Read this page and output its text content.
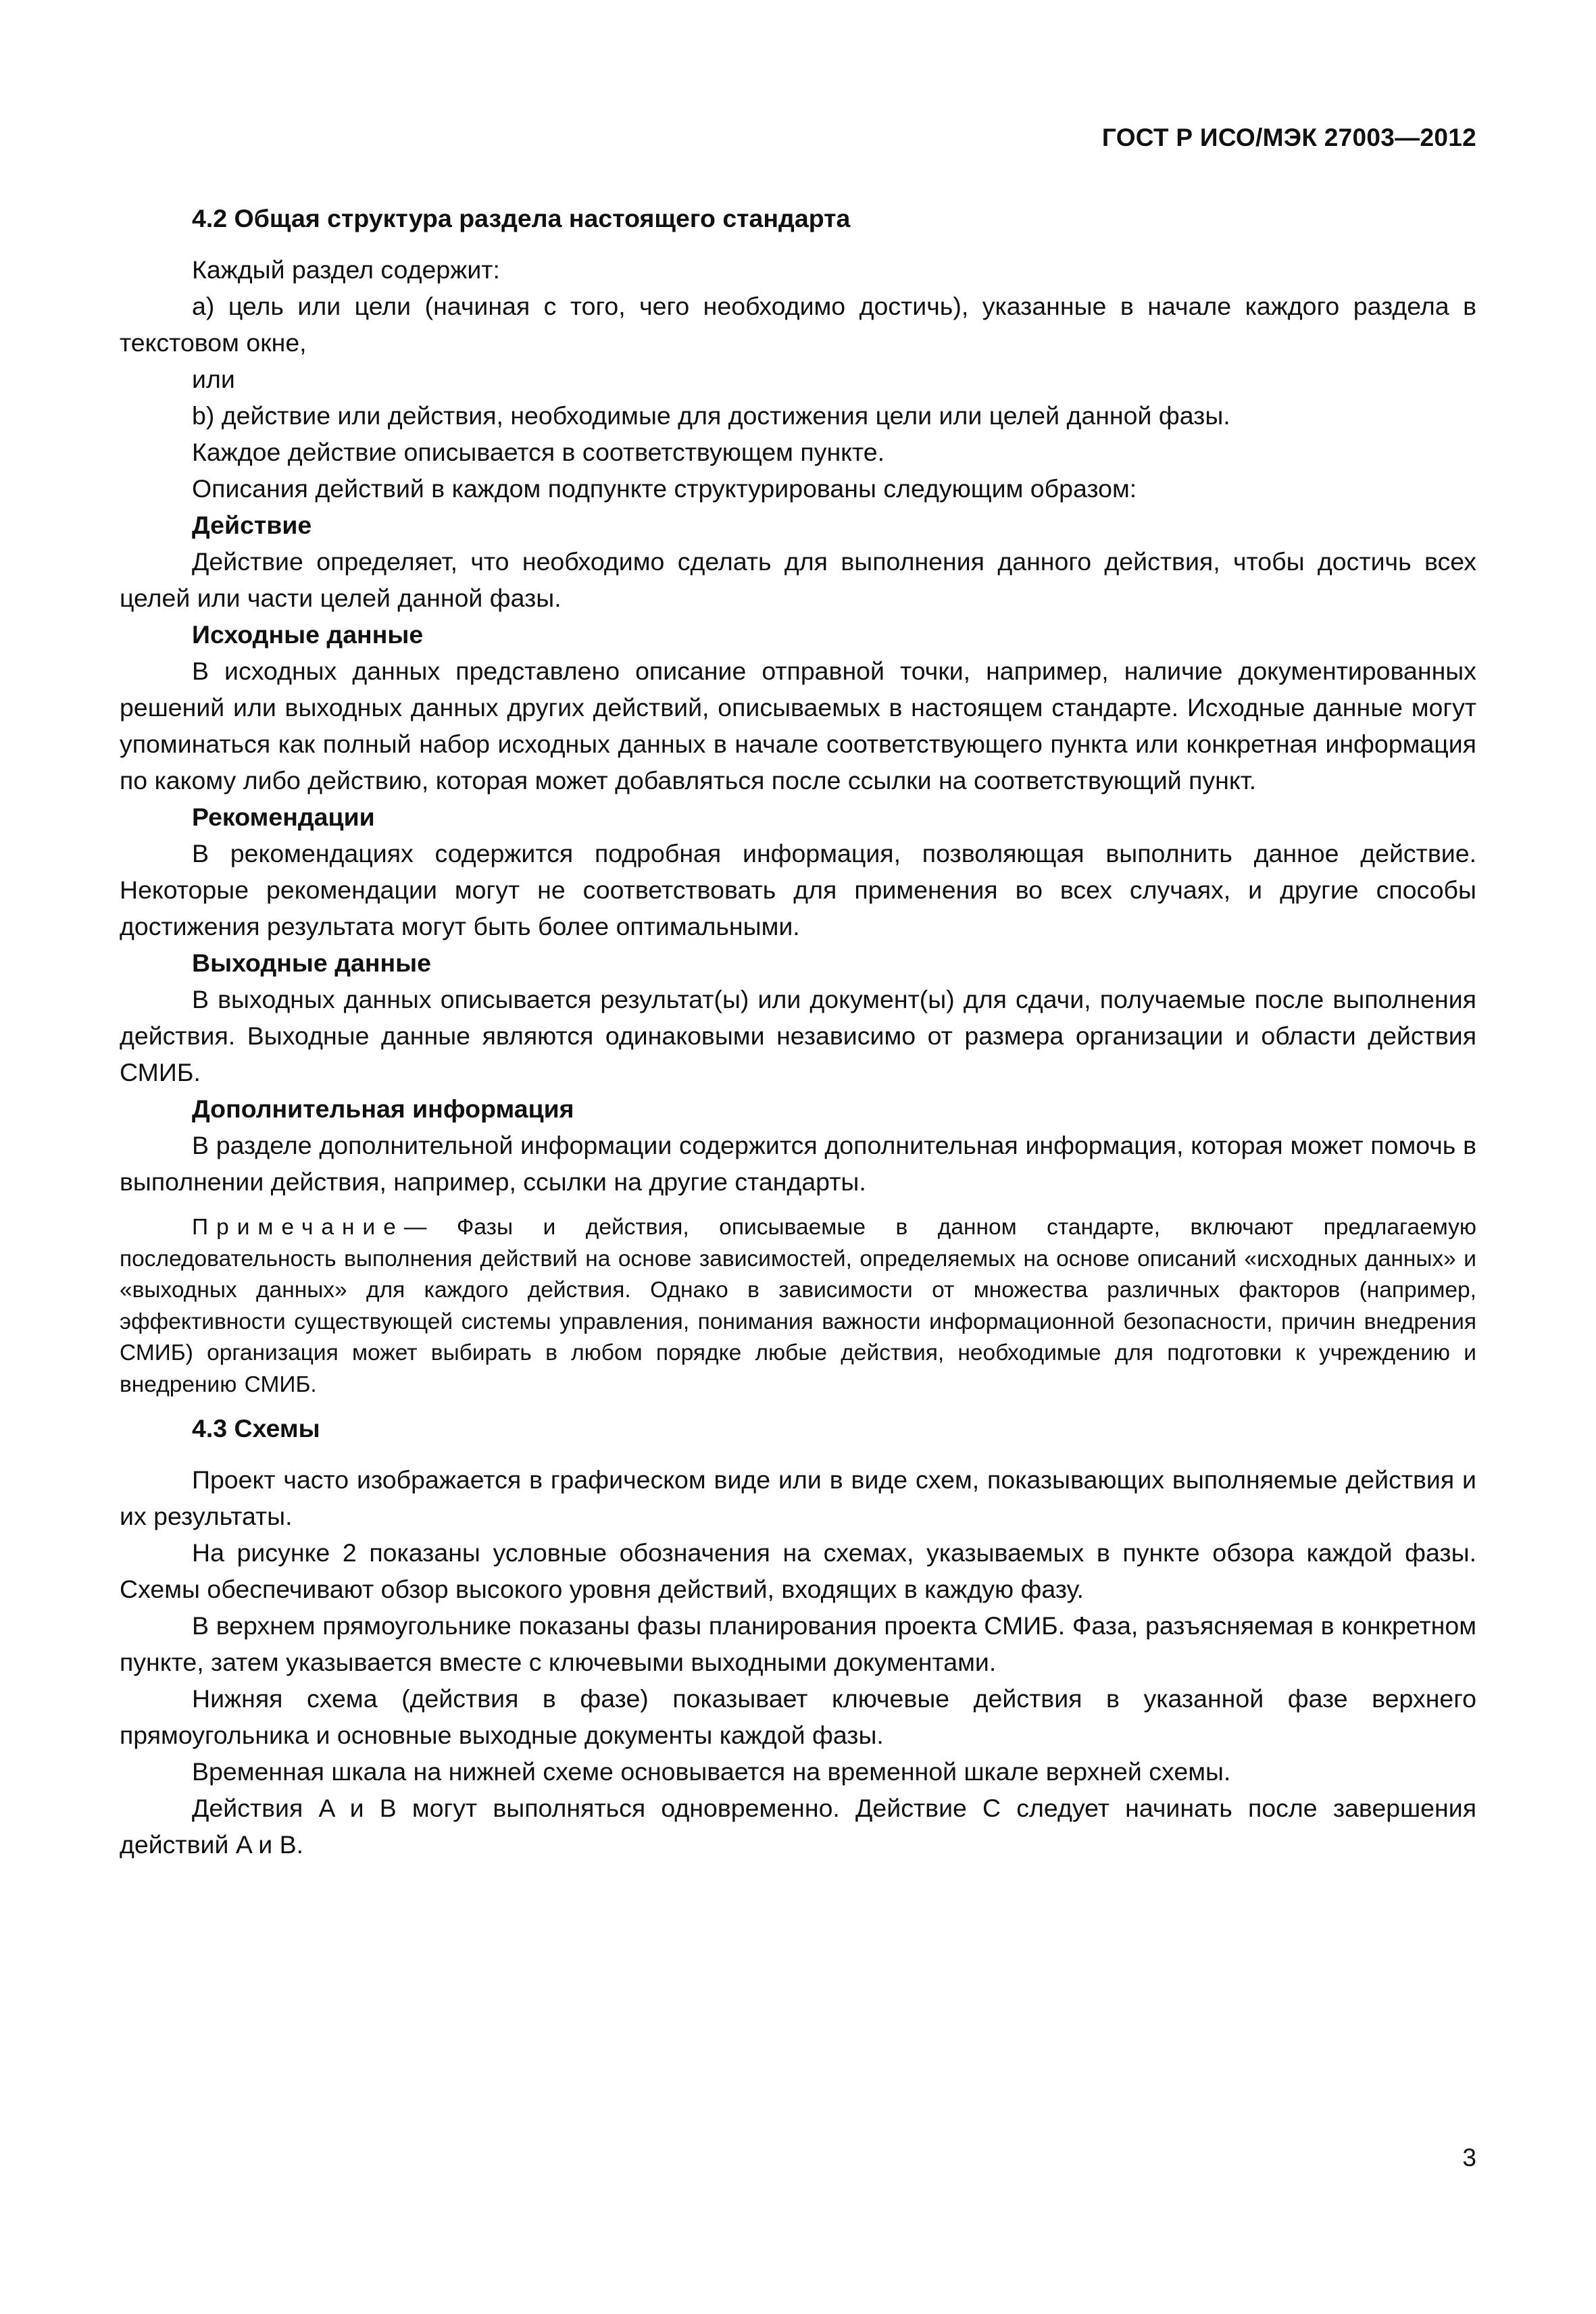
ГОСТ Р ИСО/МЭК 27003—2012

4.2 Общая структура раздела настоящего стандарта

Каждый раздел содержит:

a) цель или цели (начиная с того, чего необходимо достичь), указанные в начале каждого раздела в текстовом окне,

или

b) действие или действия, необходимые для достижения цели или целей данной фазы.

Каждое действие описывается в соответствующем пункте.

Описания действий в каждом подпункте структурированы следующим образом:

Действие

Действие определяет, что необходимо сделать для выполнения данного действия, чтобы достичь всех целей или части целей данной фазы.

Исходные данные

В исходных данных представлено описание отправной точки, например, наличие документированных решений или выходных данных других действий, описываемых в настоящем стандарте. Исходные данные могут упоминаться как полный набор исходных данных в начале соответствующего пункта или конкретная информация по какому либо действию, которая может добавляться после ссылки на соответствующий пункт.

Рекомендации

В рекомендациях содержится подробная информация, позволяющая выполнить данное действие. Некоторые рекомендации могут не соответствовать для применения во всех случаях, и другие способы достижения результата могут быть более оптимальными.

Выходные данные

В выходных данных описывается результат(ы) или документ(ы) для сдачи, получаемые после выполнения действия. Выходные данные являются одинаковыми независимо от размера организации и области действия СМИБ.

Дополнительная информация

В разделе дополнительной информации содержится дополнительная информация, которая может помочь в выполнении действия, например, ссылки на другие стандарты.

Примечание— Фазы и действия, описываемые в данном стандарте, включают предлагаемую последовательность выполнения действий на основе зависимостей, определяемых на основе описаний «исходных данных» и «выходных данных» для каждого действия. Однако в зависимости от множества различных факторов (например, эффективности существующей системы управления, понимания важности информационной безопасности, причин внедрения СМИБ) организация может выбирать в любом порядке любые действия, необходимые для подготовки к учреждению и внедрению СМИБ.

4.3 Схемы

Проект часто изображается в графическом виде или в виде схем, показывающих выполняемые действия и их результаты.

На рисунке 2 показаны условные обозначения на схемах, указываемых в пункте обзора каждой фазы. Схемы обеспечивают обзор высокого уровня действий, входящих в каждую фазу.

В верхнем прямоугольнике показаны фазы планирования проекта СМИБ. Фаза, разъясняемая в конкретном пункте, затем указывается вместе с ключевыми выходными документами.

Нижняя схема (действия в фазе) показывает ключевые действия в указанной фазе верхнего прямоугольника и основные выходные документы каждой фазы.

Временная шкала на нижней схеме основывается на временной шкале верхней схемы.

Действия A и B могут выполняться одновременно. Действие C следует начинать после завершения действий A и B.

3
